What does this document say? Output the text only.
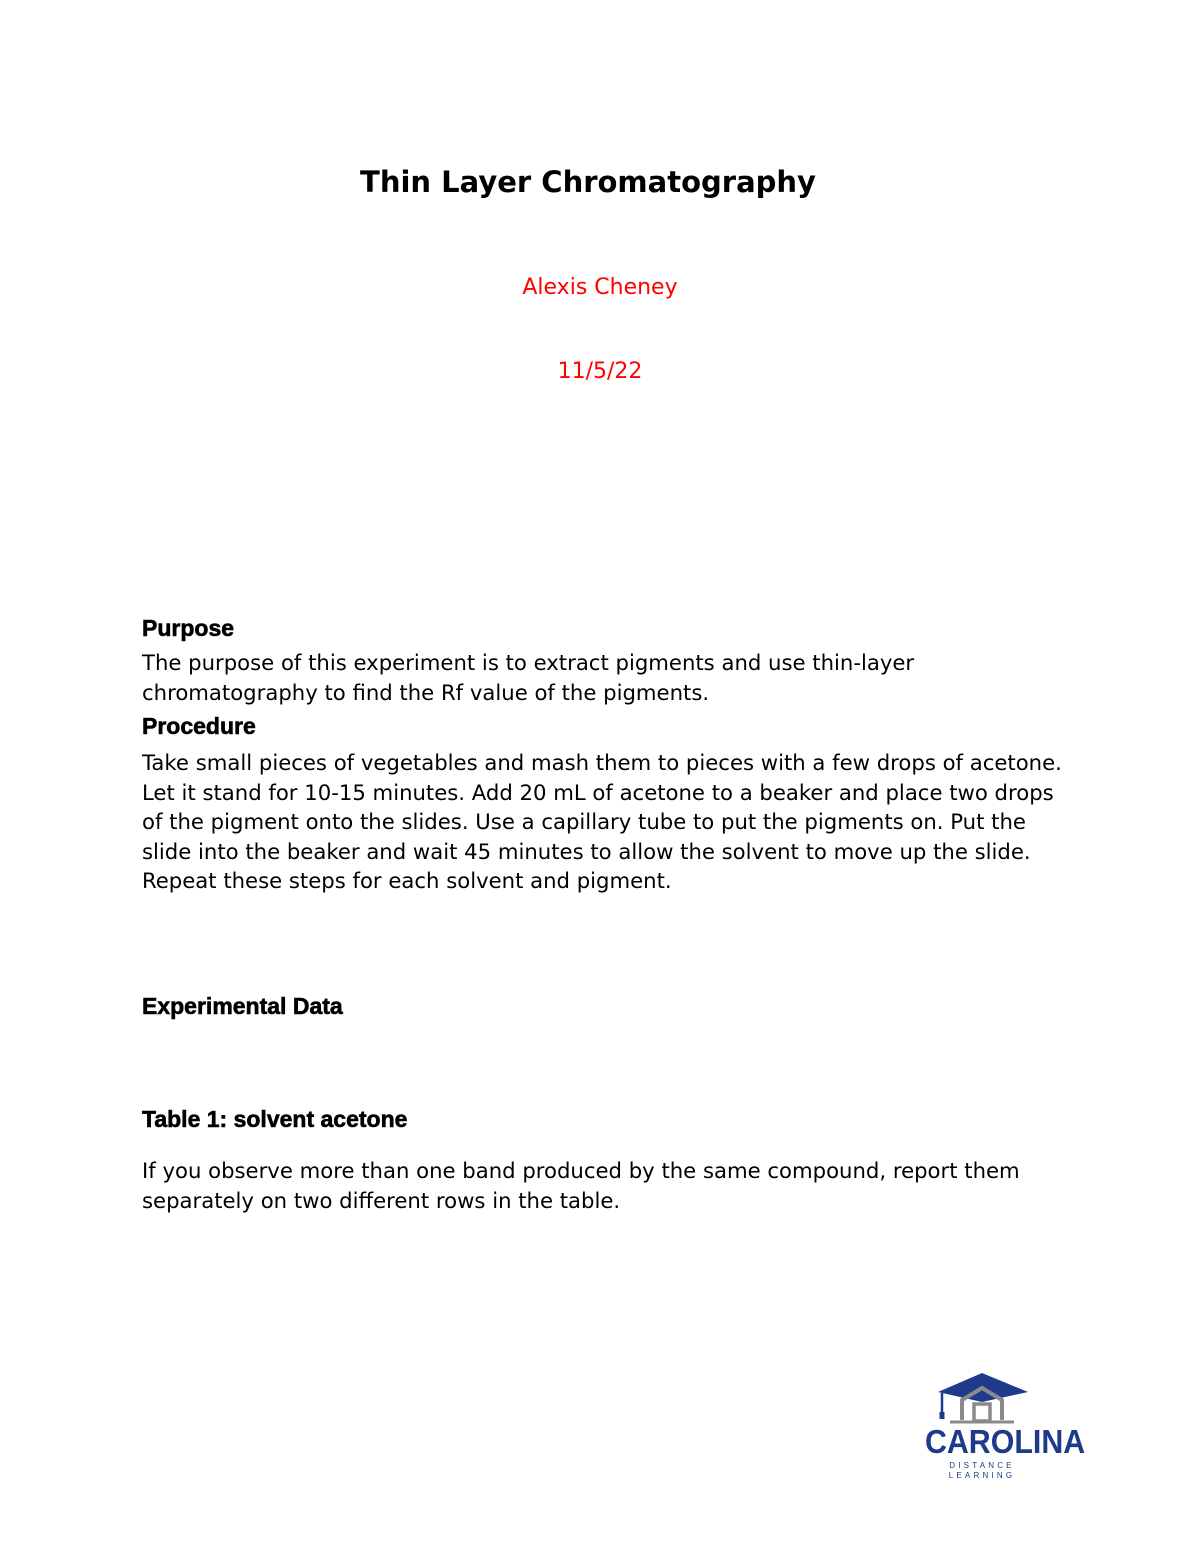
Thin Layer Chromatography
Alexis Cheney
11/5/22
Purpose

The purpose of this experiment is to extract pigments and use thin-layer chromatography to find the Rf value of the pigments.

Procedure

Take small pieces of vegetables and mash them to pieces with a few drops of acetone. Let it stand for 10-15 minutes. Add 20 mL of acetone to a beaker and place two drops of the pigment onto the slides. Use a capillary tube to put the pigments on. Put the slide into the beaker and wait 45 minutes to allow the solvent to move up the slide. Repeat these steps for each solvent and pigment.

Experimental Data
Table 1: solvent acetone

If you observe more than one band produced by the same compound, report them separately on two different rows in the table.

CAROLINA
DISTANCE LEARNING
